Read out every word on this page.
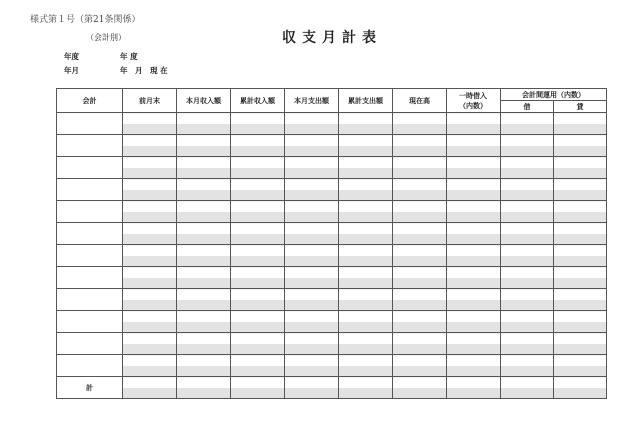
様式第１号（第21条関係）
（会計別）	収支月計表
年度	年 度
年月	年　月　現 在
会計	前月末	本月収入額	累計収入額	本月支出額	累計支出額	現在高	一時借入（内数）	会計間運用（内数）	
								借	貸

計									
